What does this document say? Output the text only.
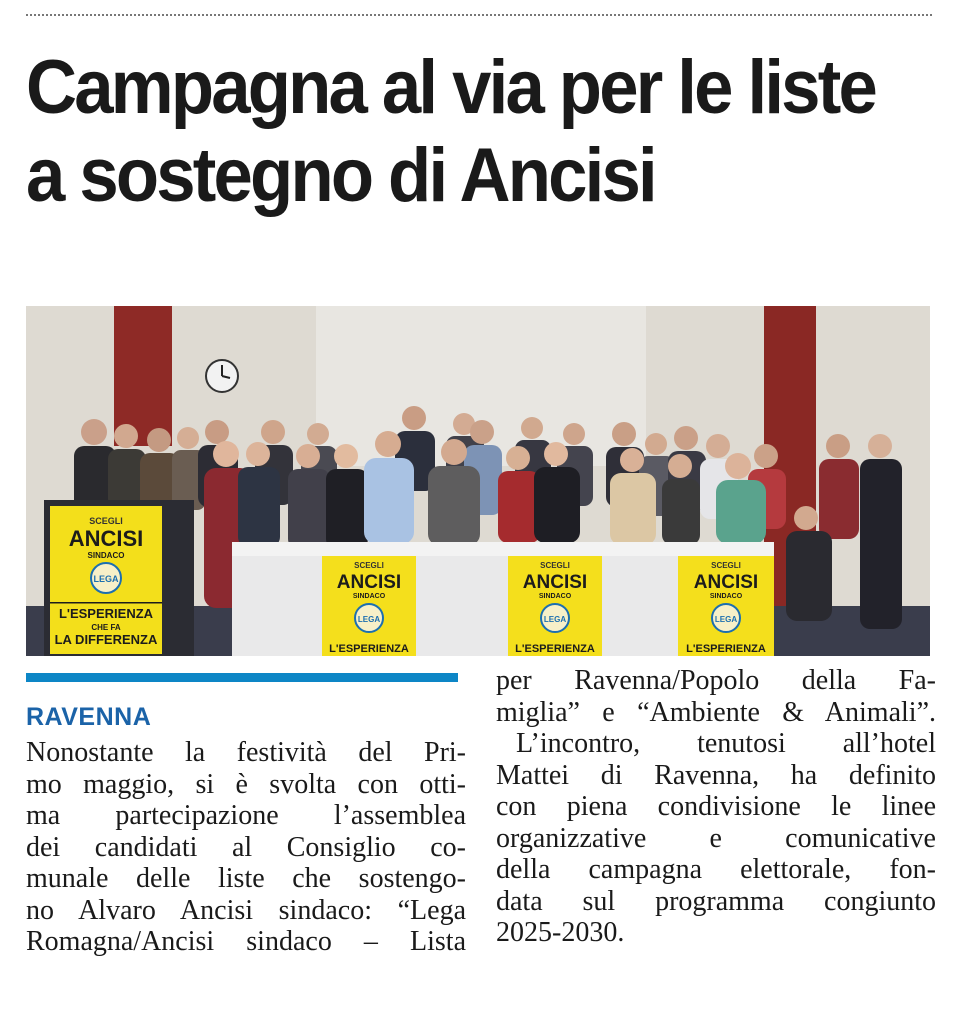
Campagna al via per le liste
a sostegno di Ancisi
SCEGLI
ANCISI
SINDACO
LEGA
L'ESPERIENZA
CHE FA
LA DIFFERENZA
SCEGLI
ANCISI
SINDACO
LEGA
L'ESPERIENZA
SCEGLI
ANCISI
SINDACO
LEGA
L'ESPERIENZA
SCEGLI
ANCISI
SINDACO
LEGA
L'ESPERIENZA
RAVENNA
Nonostante la festività del Pri-
mo maggio, si è svolta con otti-
ma partecipazione l’assemblea
dei candidati al Consiglio co-
munale delle liste che sostengo-
no Alvaro Ancisi sindaco: “Lega
Romagna/Ancisi sindaco – Lista
per Ravenna/Popolo della Fa-
miglia” e “Ambiente & Animali”.
L’incontro, tenutosi all’hotel
Mattei di Ravenna, ha definito
con piena condivisione le linee
organizzative e comunicative
della campagna elettorale, fon-
data sul programma congiunto
2025-2030.
